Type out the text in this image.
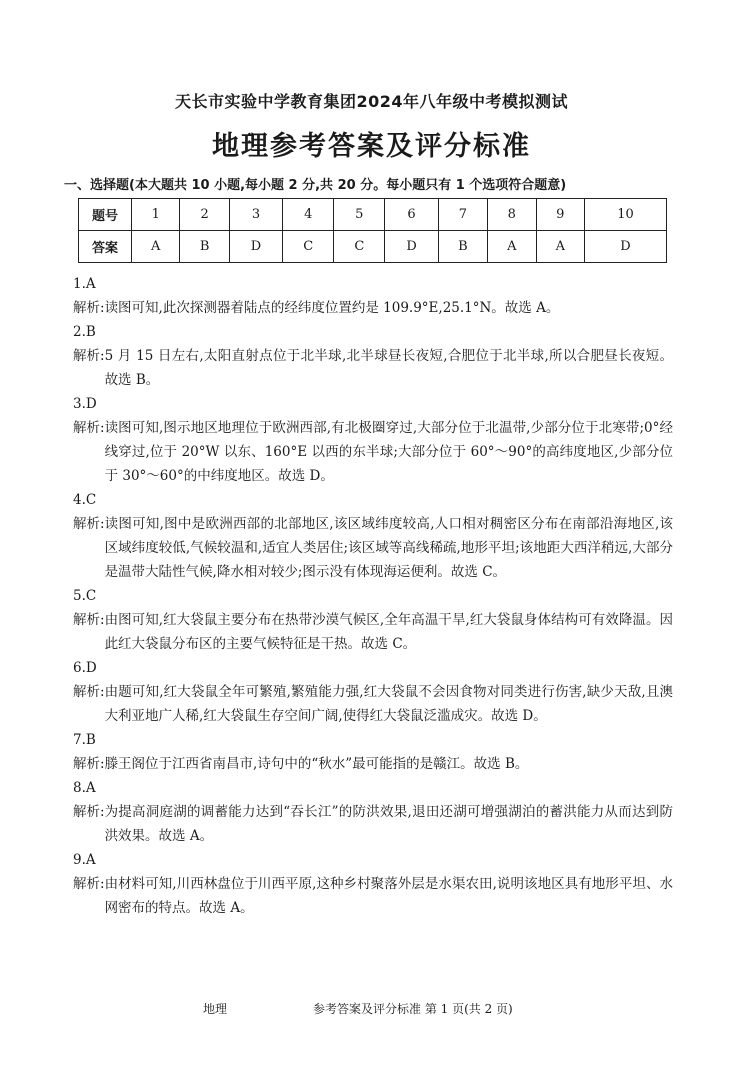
天长市实验中学教育集团2024年八年级中考模拟测试
地理参考答案及评分标准
一、选择题(本大题共 10 小题,每小题 2 分,共 20 分。每小题只有 1 个选项符合题意)
题号	1	2	3	4	5	6	7	8	9	10
答案	A	B	D	C	C	D	B	A	A	D
1.A
解析: 读图可知,此次探测器着陆点的经纬度位置约是 109.9°E,25.1°N。故选 A。
2.B
解析: 5 月 15 日左右,太阳直射点位于北半球,北半球昼长夜短,合肥位于北半球,所以合肥昼长夜短。故选 B。
3.D
解析: 读图可知,图示地区地理位于欧洲西部,有北极圈穿过,大部分位于北温带,少部分位于北寒带;0°经线穿过,位于 20°W 以东、160°E 以西的东半球;大部分位于 60°～90°的高纬度地区,少部分位于 30°～60°的中纬度地区。故选 D。
4.C
解析: 读图可知,图中是欧洲西部的北部地区,该区域纬度较高,人口相对稠密区分布在南部沿海地区,该区域纬度较低,气候较温和,适宜人类居住;该区域等高线稀疏,地形平坦;该地距大西洋稍远,大部分是温带大陆性气候,降水相对较少;图示没有体现海运便利。故选 C。
5.C
解析: 由图可知,红大袋鼠主要分布在热带沙漠气候区,全年高温干旱,红大袋鼠身体结构可有效降温。因此红大袋鼠分布区的主要气候特征是干热。故选 C。
6.D
解析: 由题可知,红大袋鼠全年可繁殖,繁殖能力强,红大袋鼠不会因食物对同类进行伤害,缺少天敌,且澳大利亚地广人稀,红大袋鼠生存空间广阔,使得红大袋鼠泛滥成灾。故选 D。
7.B
解析: 滕王阁位于江西省南昌市,诗句中的“秋水”最可能指的是赣江。故选 B。
8.A
解析: 为提高洞庭湖的调蓄能力达到“吞长江”的防洪效果,退田还湖可增强湖泊的蓄洪能力从而达到防洪效果。故选 A。
9.A
解析: 由材料可知,川西林盘位于川西平原,这种乡村聚落外层是水渠农田,说明该地区具有地形平坦、水网密布的特点。故选 A。
地理	参考答案及评分标准 第 1 页(共 2 页)
